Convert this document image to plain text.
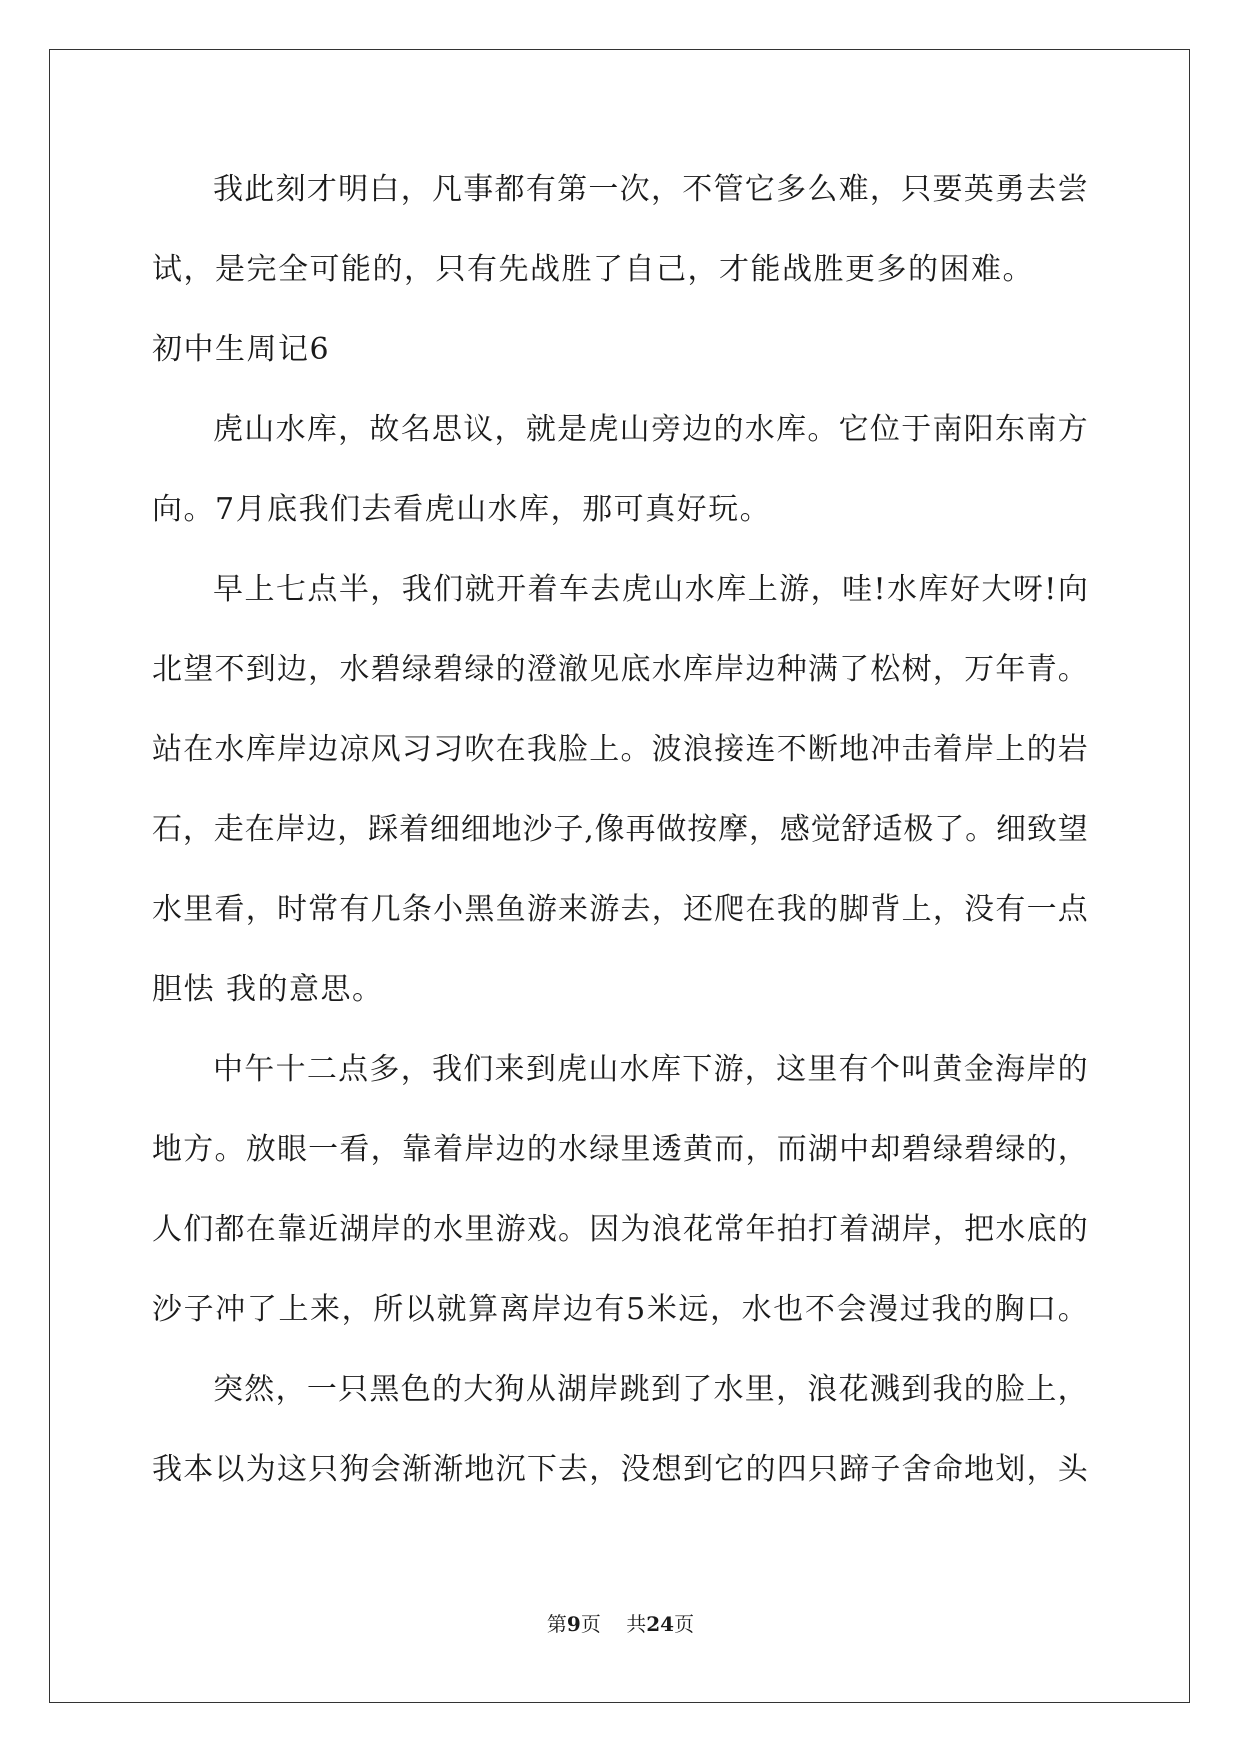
我 此 刻 才 明 白 ， 凡 事 都 有 第 一 次 ， 不 管 它 多 么 难 ， 只 要 英 勇 去 尝
试，是完全可能的，只有先战胜了自己，才能战胜更多的困难。
初中生周记6
虎 山 水 库 ， 故 名 思 议 ， 就 是 虎 山 旁 边 的 水 库 。 它 位 于 南 阳 东 南 方
向。7月底我们去看虎山水库，那可真好玩。
早 上 七 点 半 ， 我 们 就 开 着 车 去 虎 山 水 库 上 游 ， 哇 ! 水 库 好 大 呀 ! 向
北 望 不 到 边 ， 水 碧 绿 碧 绿 的 澄 澈 见 底 水 库 岸 边 种 满 了 松 树 ， 万 年 青 。
站 在 水 库 岸 边 凉 风 习 习 吹 在 我 脸 上 。 波 浪 接 连 不 断 地 冲 击 着 岸 上 的 岩
石 ， 走 在 岸 边 ， 踩 着 细 细 地 沙 子 , 像 再 做 按 摩 ， 感 觉 舒 适 极 了 。 细 致 望
水 里 看 ， 时 常 有 几 条 小 黑 鱼 游 来 游 去 ， 还 爬 在 我 的 脚 背 上 ， 没 有 一 点
胆怯 我的意思。
中 午 十 二 点 多 ， 我 们 来 到 虎 山 水 库 下 游 ， 这 里 有 个 叫 黄 金 海 岸 的
地 方 。 放 眼 一 看 ， 靠 着 岸 边 的 水 绿 里 透 黄 而 ， 而 湖 中 却 碧 绿 碧 绿 的 ，
人 们 都 在 靠 近 湖 岸 的 水 里 游 戏 。 因 为 浪 花 常 年 拍 打 着 湖 岸 ， 把 水 底 的
沙 子 冲 了 上 来 ， 所 以 就 算 离 岸 边 有 5 米 远 ， 水 也 不 会 漫 过 我 的 胸 口 。
突 然 ， 一 只 黑 色 的 大 狗 从 湖 岸 跳 到 了 水 里 ， 浪 花 溅 到 我 的 脸 上 ，
我 本 以 为 这 只 狗 会 渐 渐 地 沉 下 去 ， 没 想 到 它 的 四 只 蹄 子 舍 命 地 划 ， 头
第9页 共24页
